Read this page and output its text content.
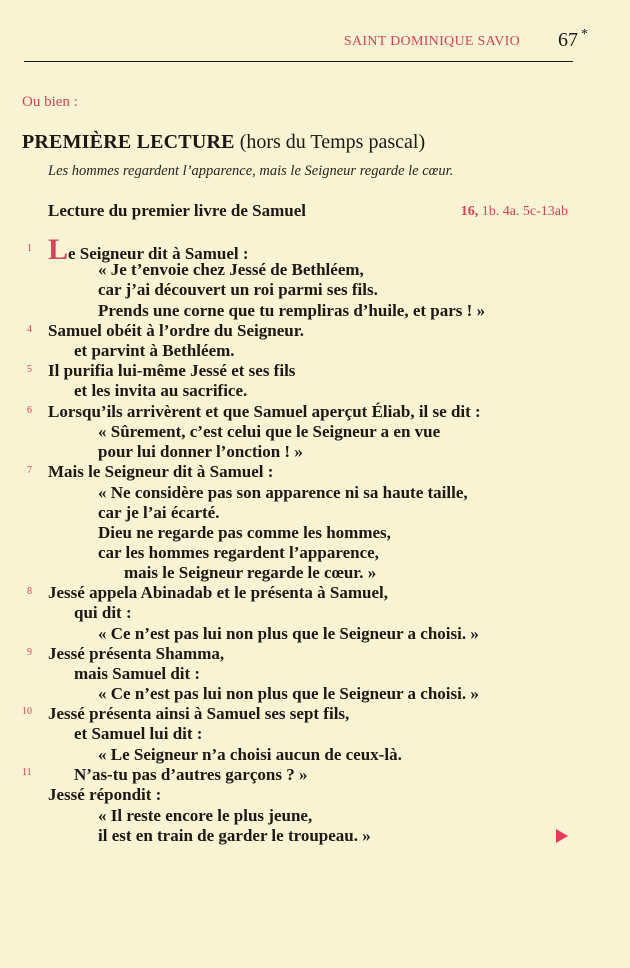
SAINT DOMINIQUE SAVIO 67 *
Ou bien :
PREMIÈRE LECTURE (hors du Temps pascal)
Les hommes regardent l’apparence, mais le Seigneur regarde le cœur.
Lecture du premier livre de Samuel	16, 1b. 4a. 5c-13ab
1
4
5
6
7
8
9
10
11
Le Seigneur dit à Samuel :
« Je t’envoie chez Jessé de Bethléem,
car j’ai découvert un roi parmi ses fils.
Prends une corne que tu rempliras d’huile, et pars ! »
Samuel obéit à l’ordre du Seigneur.
et parvint à Bethléem.
Il purifia lui-même Jessé et ses fils
et les invita au sacrifice.
Lorsqu’ils arrivèrent et que Samuel aperçut Éliab, il se dit :
« Sûrement, c’est celui que le Seigneur a en vue
pour lui donner l’onction ! »
Mais le Seigneur dit à Samuel :
« Ne considère pas son apparence ni sa haute taille,
car je l’ai écarté.
Dieu ne regarde pas comme les hommes,
car les hommes regardent l’apparence,
mais le Seigneur regarde le cœur. »
Jessé appela Abinadab et le présenta à Samuel,
qui dit :
« Ce n’est pas lui non plus que le Seigneur a choisi. »
Jessé présenta Shamma,
mais Samuel dit :
« Ce n’est pas lui non plus que le Seigneur a choisi. »
Jessé présenta ainsi à Samuel ses sept fils,
et Samuel lui dit :
« Le Seigneur n’a choisi aucun de ceux-là.
N’as-tu pas d’autres garçons ? »
Jessé répondit :
« Il reste encore le plus jeune,
il est en train de garder le troupeau. »
